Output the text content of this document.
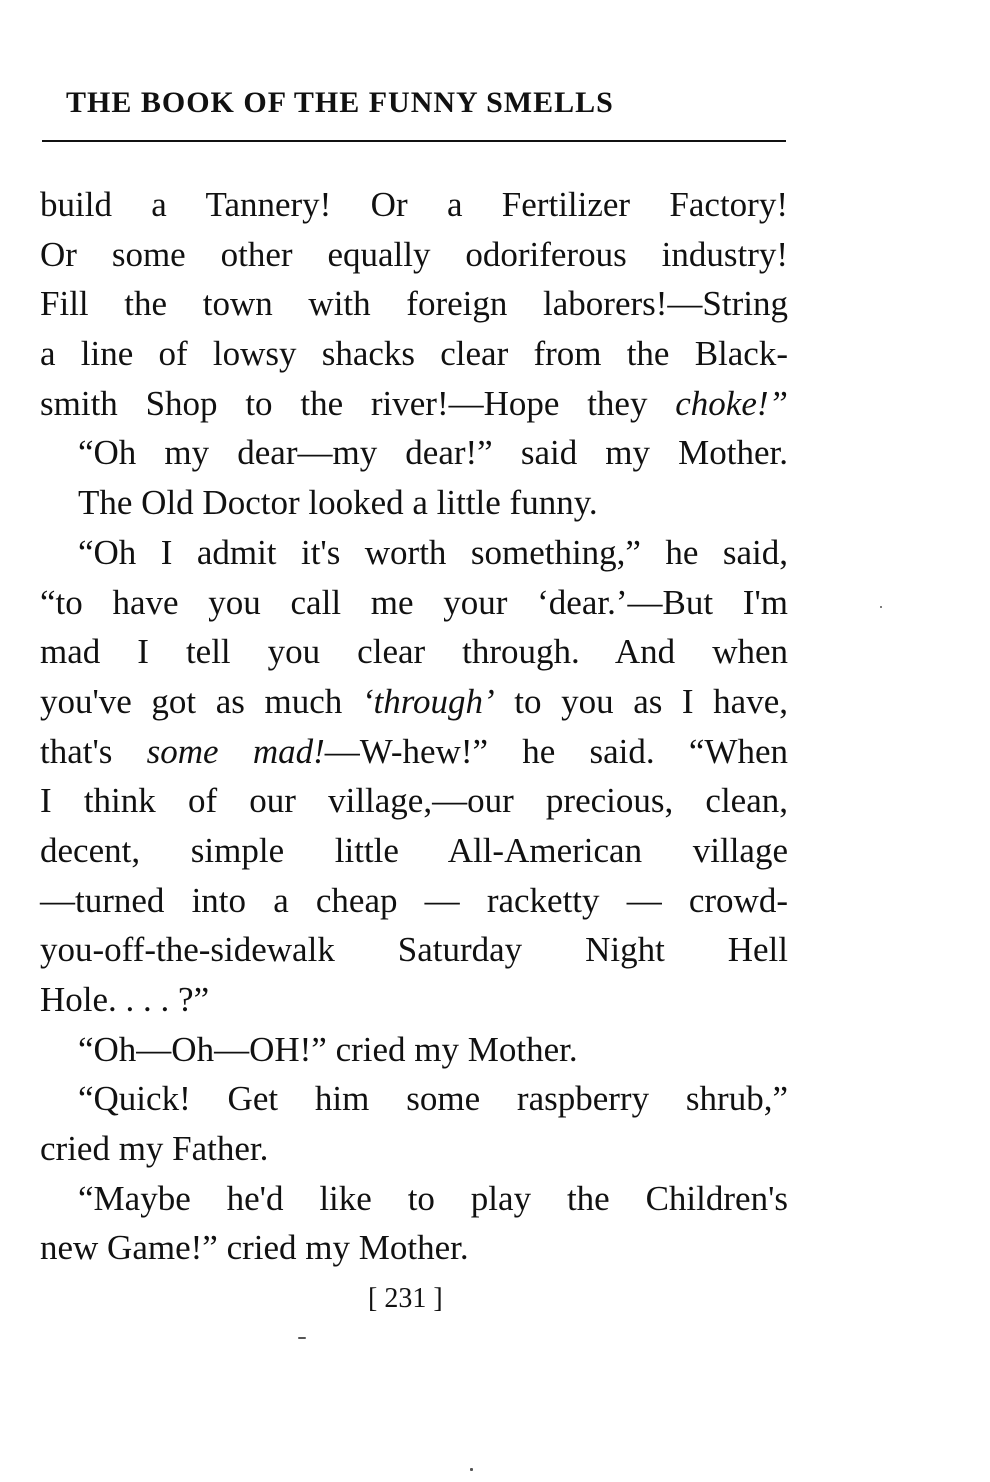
THE BOOK OF THE FUNNY SMELLS
build a Tannery! Or a Fertilizer Factory!
Or some other equally odoriferous industry!
Fill the town with foreign laborers!—String
a line of lowsy shacks clear from the Black-
smith Shop to the river!—Hope they choke!”
“Oh my dear—my dear!” said my Mother.
The Old Doctor looked a little funny.
“Oh I admit it's worth something,” he said,
“to have you call me your ‘dear.’—But I'm
mad I tell you clear through. And when
you've got as much ‘through’ to you as I have,
that's some mad!—W-hew!” he said. “When
I think of our village,—our precious, clean,
decent, simple little All-American village
—turned into a cheap — racketty — crowd-
you-off-the-sidewalk Saturday Night Hell
Hole. . . . ?”
“Oh—Oh—OH!” cried my Mother.
“Quick! Get him some raspberry shrub,”
cried my Father.
“Maybe he'd like to play the Children's
new Game!” cried my Mother.
[ 231 ]
